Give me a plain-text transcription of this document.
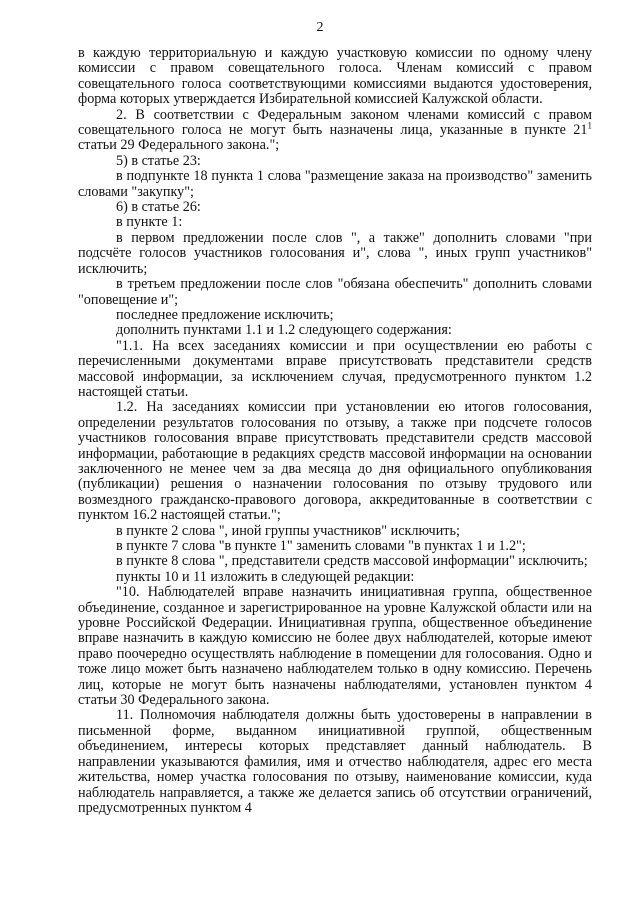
2

в каждую территориальную и каждую участковую комиссии по одному члену комиссии с правом совещательного голоса. Членам комиссий с правом совещательного голоса соответствующими комиссиями выдаются удостоверения, форма которых утверждается Избирательной комиссией Калужской области.

2. В соответствии с Федеральным законом членами комиссий с правом совещательного голоса не могут быть назначены лица, указанные в пункте $21^1$ статьи 29 Федерального закона.";

5) в статье 23:

в подпункте 18 пункта 1 слова "размещение заказа на производство" заменить словами "закупку";

6) в статье 26:

в пункте 1:

в первом предложении после слов ", а также" дополнить словами "при подсчёте голосов участников голосования и", слова ", иных групп участников" исключить;

в третьем предложении после слов "обязана обеспечить" дополнить словами "оповещение и";

последнее предложение исключить;

дополнить пунктами 1.1 и 1.2 следующего содержания:

"1.1. На всех заседаниях комиссии и при осуществлении ею работы с перечисленными документами вправе присутствовать представители средств массовой информации, за исключением случая, предусмотренного пунктом 1.2 настоящей статьи.

1.2. На заседаниях комиссии при установлении ею итогов голосования, определении результатов голосования по отзыву, а также при подсчете голосов участников голосования вправе присутствовать представители средств массовой информации, работающие в редакциях средств массовой информации на основании заключенного не менее чем за два месяца до дня официального опубликования (публикации) решения о назначении голосования по отзыву трудового или возмездного гражданско-правового договора, аккредитованные в соответствии с пунктом 16.2 настоящей статьи.";

в пункте 2 слова ", иной группы участников" исключить;

в пункте 7 слова "в пункте 1" заменить словами "в пунктах 1 и 1.2";

в пункте 8 слова ", представители средств массовой информации" исключить;

пункты 10 и 11 изложить в следующей редакции:

"10. Наблюдателей вправе назначить инициативная группа, общественное объединение, созданное и зарегистрированное на уровне Калужской области или на уровне Российской Федерации. Инициативная группа, общественное объединение вправе назначить в каждую комиссию не более двух наблюдателей, которые имеют право поочередно осуществлять наблюдение в помещении для голосования. Одно и тоже лицо может быть назначено наблюдателем только в одну комиссию. Перечень лиц, которые не могут быть назначены наблюдателями, установлен пунктом 4 статьи 30 Федерального закона.

11. Полномочия наблюдателя должны быть удостоверены в направлении в письменной форме, выданном инициативной группой, общественным объединением, интересы которых представляет данный наблюдатель. В направлении указываются фамилия, имя и отчество наблюдателя, адрес его места жительства, номер участка голосования по отзыву, наименование комиссии, куда наблюдатель направляется, а также же делается запись об отсутствии ограничений, предусмотренных пунктом 4
